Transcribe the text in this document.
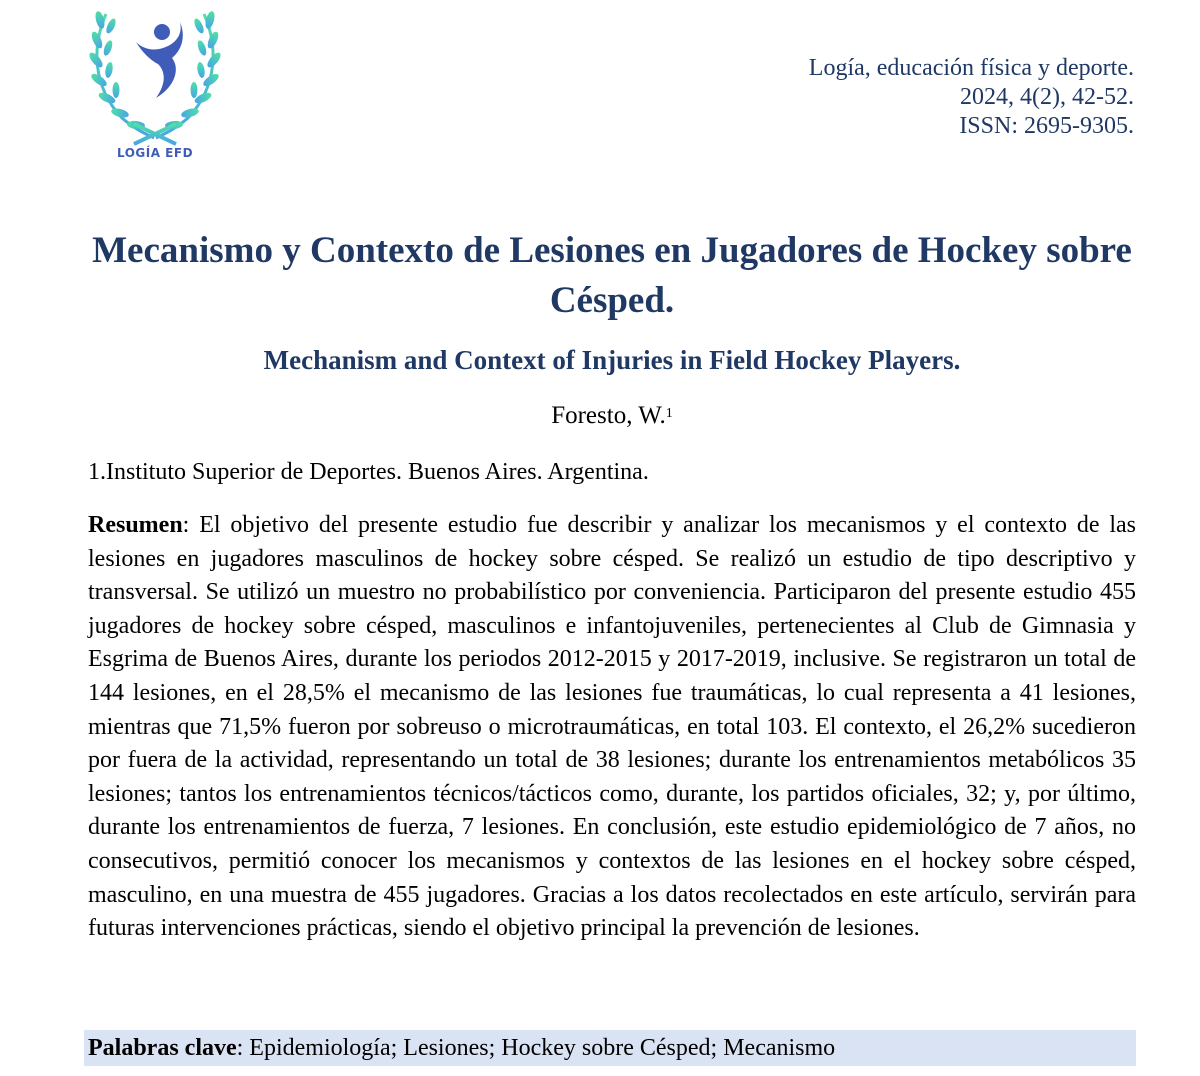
LOGÍA EFD
Logía, educación física y deporte.
2024, 4(2), 42-52.
ISSN: 2695-9305.
Mecanismo y Contexto de Lesiones en Jugadores de Hockey sobre Césped.
Mechanism and Context of Injuries in Field Hockey Players.
Foresto, W.$^1$
1.Instituto Superior de Deportes. Buenos Aires. Argentina.

Resumen: El objetivo del presente estudio fue describir y analizar los mecanismos y el contexto de las lesiones en jugadores masculinos de hockey sobre césped. Se realizó un estudio de tipo descriptivo y transversal. Se utilizó un muestro no probabilístico por conveniencia. Participaron del presente estudio 455 jugadores de hockey sobre césped, masculinos e infantojuveniles, pertenecientes al Club de Gimnasia y Esgrima de Buenos Aires, durante los periodos 2012-2015 y 2017-2019, inclusive. Se registraron un total de 144 lesiones, en el 28,5% el mecanismo de las lesiones fue traumáticas, lo cual representa a 41 lesiones, mientras que 71,5% fueron por sobreuso o microtraumáticas, en total 103. El contexto, el 26,2% sucedieron por fuera de la actividad, representando un total de 38 lesiones; durante los entrenamientos metabólicos 35 lesiones; tantos los entrenamientos técnicos/tácticos como, durante, los partidos oficiales, 32; y, por último, durante los entrenamientos de fuerza, 7 lesiones. En conclusión, este estudio epidemiológico de 7 años, no consecutivos, permitió conocer los mecanismos y contextos de las lesiones en el hockey sobre césped, masculino, en una muestra de 455 jugadores. Gracias a los datos recolectados en este artículo, servirán para futuras intervenciones prácticas, siendo el objetivo principal la prevención de lesiones.

Palabras clave: Epidemiología; Lesiones; Hockey sobre Césped; Mecanismo
